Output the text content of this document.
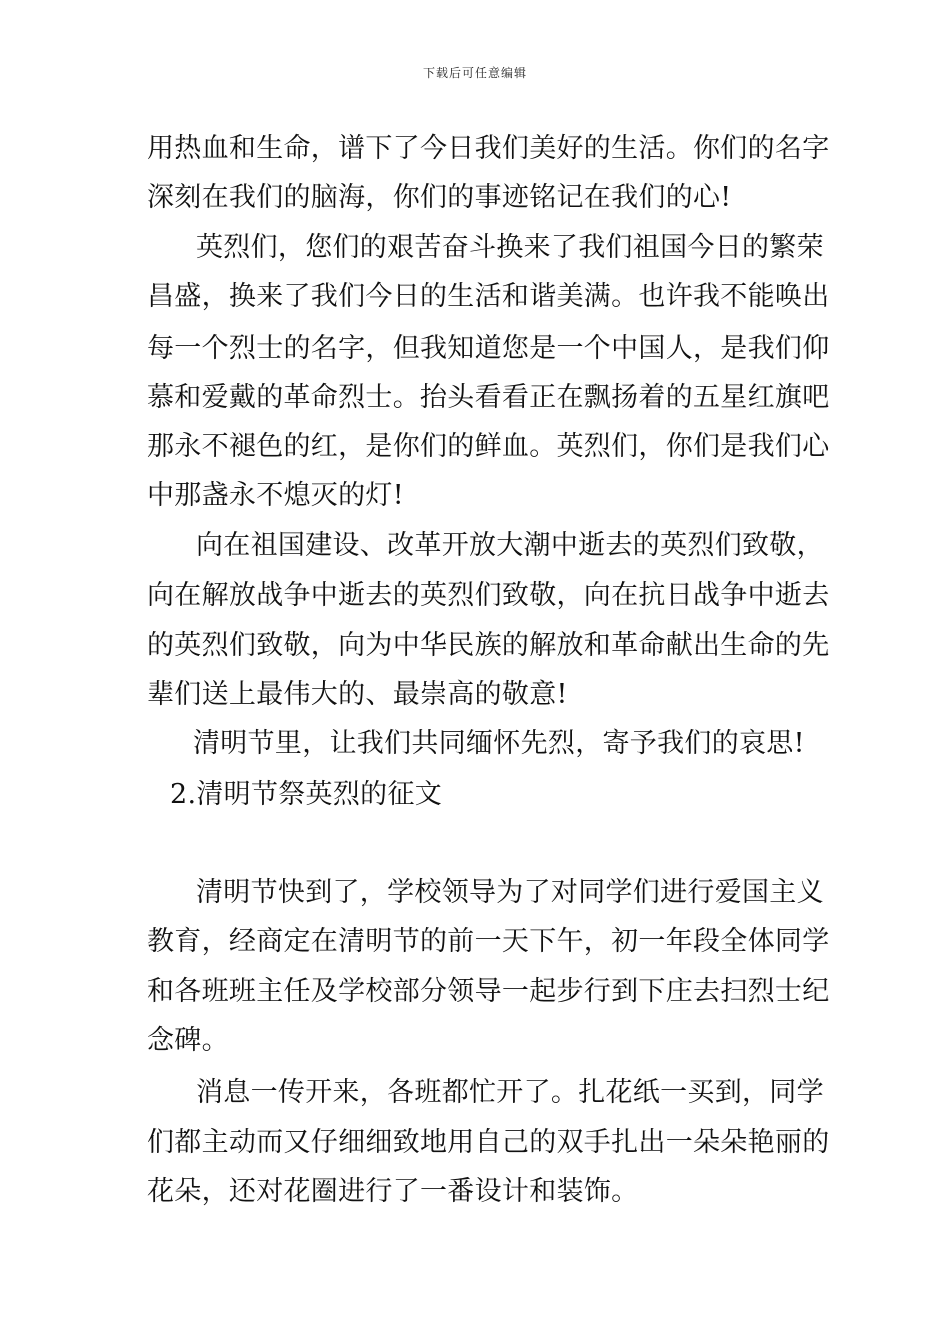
下载后可任意编辑
用热血和生命，谱下了今日我们美好的生活。你们的名字
深刻在我们的脑海，你们的事迹铭记在我们的心!
英烈们，您们的艰苦奋斗换来了我们祖国今日的繁荣
昌盛，换来了我们今日的生活和谐美满。也许我不能唤出
每一个烈士的名字，但我知道您是一个中国人，是我们仰
慕和爱戴的革命烈士。抬头看看正在飘扬着的五星红旗吧
那永不褪色的红，是你们的鲜血。英烈们，你们是我们心
中那盏永不熄灭的灯!
向在祖国建设、改革开放大潮中逝去的英烈们致敬，
向在解放战争中逝去的英烈们致敬，向在抗日战争中逝去
的英烈们致敬，向为中华民族的解放和革命献出生命的先
辈们送上最伟大的、最崇高的敬意!
清明节里，让我们共同缅怀先烈，寄予我们的哀思!
2.清明节祭英烈的征文
清明节快到了，学校领导为了对同学们进行爱国主义
教育，经商定在清明节的前一天下午，初一年段全体同学
和各班班主任及学校部分领导一起步行到下庄去扫烈士纪
念碑。
消息一传开来，各班都忙开了。扎花纸一买到，同学
们都主动而又仔细细致地用自己的双手扎出一朵朵艳丽的
花朵，还对花圈进行了一番设计和装饰。
